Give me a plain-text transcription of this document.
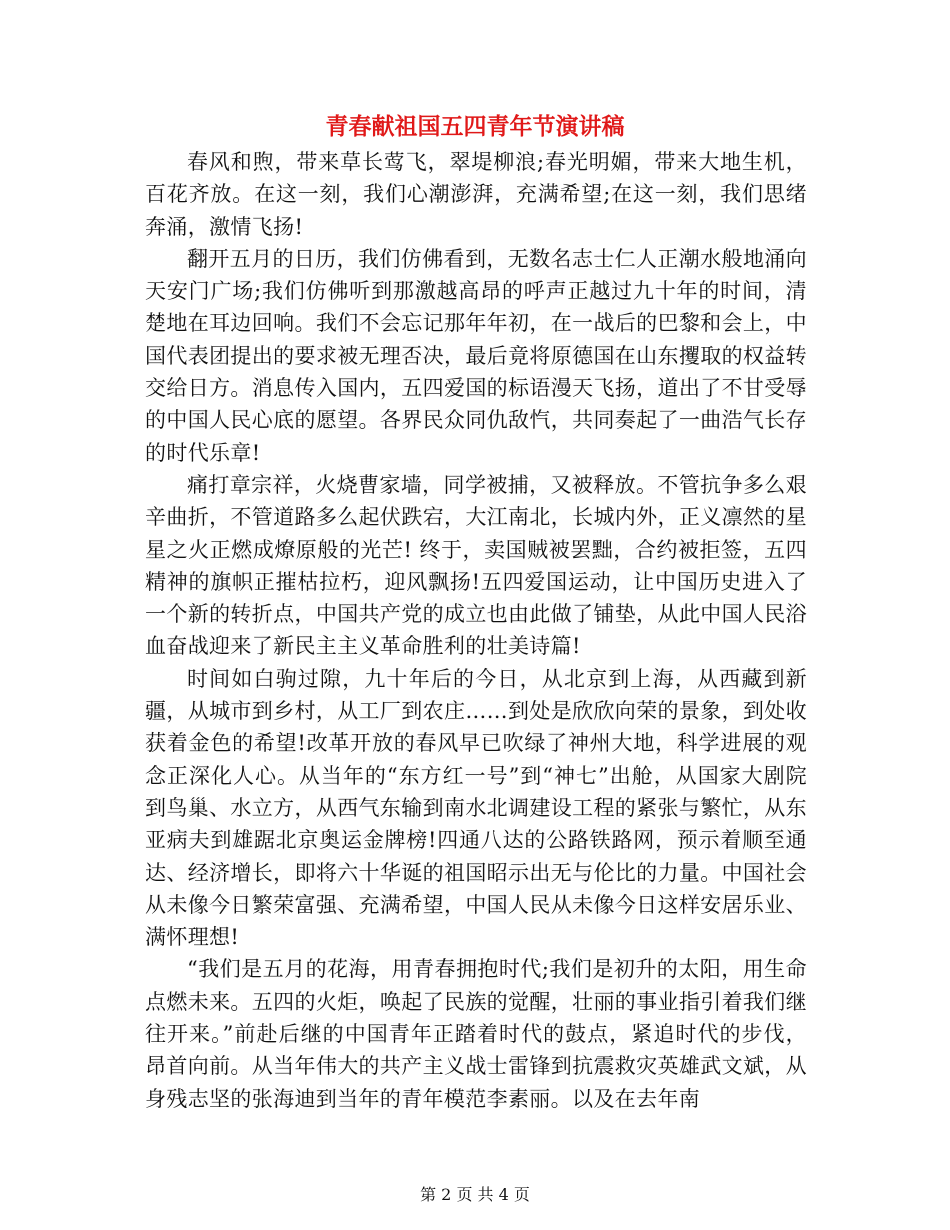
青春献祖国五四青年节演讲稿

春风和煦，带来草长莺飞，翠堤柳浪;春光明媚，带来大地生机，百花齐放。在这一刻，我们心潮澎湃，充满希望;在这一刻，我们思绪奔涌，激情飞扬!

翻开五月的日历，我们仿佛看到，无数名志士仁人正潮水般地涌向天安门广场;我们仿佛听到那激越高昂的呼声正越过九十年的时间，清楚地在耳边回响。我们不会忘记那年年初，在一战后的巴黎和会上，中国代表团提出的要求被无理否决，最后竟将原德国在山东攫取的权益转交给日方。消息传入国内，五四爱国的标语漫天飞扬，道出了不甘受辱的中国人民心底的愿望。各界民众同仇敌忾，共同奏起了一曲浩气长存的时代乐章!

痛打章宗祥，火烧曹家墙，同学被捕，又被释放。不管抗争多么艰辛曲折，不管道路多么起伏跌宕，大江南北，长城内外，正义凛然的星星之火正燃成燎原般的光芒! 终于，卖国贼被罢黜，合约被拒签，五四精神的旗帜正摧枯拉朽，迎风飘扬!五四爱国运动，让中国历史进入了一个新的转折点，中国共产党的成立也由此做了铺垫，从此中国人民浴血奋战迎来了新民主主义革命胜利的壮美诗篇!

时间如白驹过隙，九十年后的今日，从北京到上海，从西藏到新疆，从城市到乡村，从工厂到农庄……到处是欣欣向荣的景象，到处收获着金色的希望!改革开放的春风早已吹绿了神州大地，科学进展的观念正深化人心。从当年的“东方红一号”到“神七”出舱，从国家大剧院到鸟巢、水立方，从西气东输到南水北调建设工程的紧张与繁忙，从东亚病夫到雄踞北京奥运金牌榜!四通八达的公路铁路网，预示着顺至通达、经济增长，即将六十华诞的祖国昭示出无与伦比的力量。中国社会从未像今日繁荣富强、充满希望，中国人民从未像今日这样安居乐业、满怀理想!

“我们是五月的花海，用青春拥抱时代;我们是初升的太阳，用生命点燃未来。五四的火炬，唤起了民族的觉醒，壮丽的事业指引着我们继往开来。”前赴后继的中国青年正踏着时代的鼓点，紧追时代的步伐，昂首向前。从当年伟大的共产主义战士雷锋到抗震救灾英雄武文斌，从身残志坚的张海迪到当年的青年模范李素丽。以及在去年南

第 2 页 共 4 页
